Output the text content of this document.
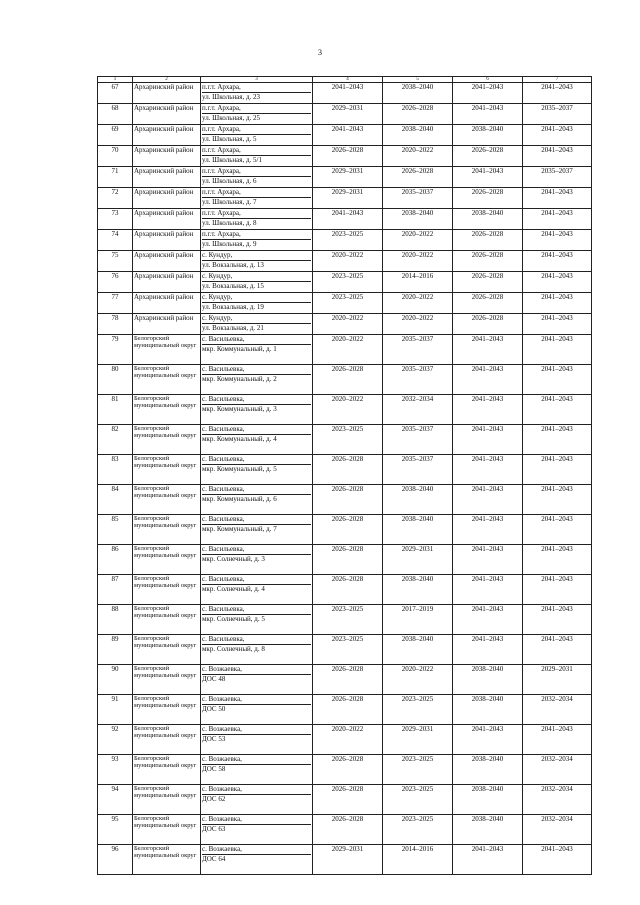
3
1	2	3	4	5	6	7
67	Архаринский район	п.г.т. Архара,
ул. Школьная, д. 23	2041–2043	2038–2040	2041–2043	2041–2043
68	Архаринский район	п.г.т. Архара,
ул. Школьная, д. 25	2029–2031	2026–2028	2041–2043	2035–2037
69	Архаринский район	п.г.т. Архара,
ул. Школьная, д. 5	2041–2043	2038–2040	2038–2040	2041–2043
70	Архаринский район	п.г.т. Архара,
ул. Школьная, д. 5/1	2026–2028	2020–2022	2026–2028	2041–2043
71	Архаринский район	п.г.т. Архара,
ул. Школьная, д. 6	2029–2031	2026–2028	2041–2043	2035–2037
72	Архаринский район	п.г.т. Архара,
ул. Школьная, д. 7	2029–2031	2035–2037	2026–2028	2041–2043
73	Архаринский район	п.г.т. Архара,
ул. Школьная, д. 8	2041–2043	2038–2040	2038–2040	2041–2043
74	Архаринский район	п.г.т. Архара,
ул. Школьная, д. 9	2023–2025	2020–2022	2026–2028	2041–2043
75	Архаринский район	с. Кундур,
ул. Вокзальная, д. 13	2020–2022	2020–2022	2026–2028	2041–2043
76	Архаринский район	с. Кундур,
ул. Вокзальная, д. 15	2023–2025	2014–2016	2026–2028	2041–2043
77	Архаринский район	с. Кундур,
ул. Вокзальная, д. 19	2023–2025	2020–2022	2026–2028	2041–2043
78	Архаринский район	с. Кундур,
ул. Вокзальная, д. 21	2020–2022	2020–2022	2026–2028	2041–2043
79	Белогорский муниципальный округ	с. Васильевка,
мкр. Коммунальный, д. 1	2020–2022	2035–2037	2041–2043	2041–2043
80	Белогорский муниципальный округ	с. Васильевка,
мкр. Коммунальный, д. 2	2026–2028	2035–2037	2041–2043	2041–2043
81	Белогорский муниципальный округ	с. Васильевка,
мкр. Коммунальный, д. 3	2020–2022	2032–2034	2041–2043	2041–2043
82	Белогорский муниципальный округ	с. Васильевка,
мкр. Коммунальный, д. 4	2023–2025	2035–2037	2041–2043	2041–2043
83	Белогорский муниципальный округ	с. Васильевка,
мкр. Коммунальный, д. 5	2026–2028	2035–2037	2041–2043	2041–2043
84	Белогорский муниципальный округ	с. Васильевка,
мкр. Коммунальный, д. 6	2026–2028	2038–2040	2041–2043	2041–2043
85	Белогорский муниципальный округ	с. Васильевка,
мкр. Коммунальный, д. 7	2026–2028	2038–2040	2041–2043	2041–2043
86	Белогорский муниципальный округ	с. Васильевка,
мкр. Солнечный, д. 3	2026–2028	2029–2031	2041–2043	2041–2043
87	Белогорский муниципальный округ	с. Васильевка,
мкр. Солнечный, д. 4	2026–2028	2038–2040	2041–2043	2041–2043
88	Белогорский муниципальный округ	с. Васильевка,
мкр. Солнечный, д. 5	2023–2025	2017–2019	2041–2043	2041–2043
89	Белогорский муниципальный округ	с. Васильевка,
мкр. Солнечный, д. 8	2023–2025	2038–2040	2041–2043	2041–2043
90	Белогорский муниципальный округ	с. Возжаевка,
ДОС 48	2026–2028	2020–2022	2038–2040	2029–2031
91	Белогорский муниципальный округ	с. Возжаевка,
ДОС 50	2026–2028	2023–2025	2038–2040	2032–2034
92	Белогорский муниципальный округ	с. Возжаевка,
ДОС 53	2020–2022	2029–2031	2041–2043	2041–2043
93	Белогорский муниципальный округ	с. Возжаевка,
ДОС 58	2026–2028	2023–2025	2038–2040	2032–2034
94	Белогорский муниципальный округ	с. Возжаевка,
ДОС 62	2026–2028	2023–2025	2038–2040	2032–2034
95	Белогорский муниципальный округ	с. Возжаевка,
ДОС 63	2026–2028	2023–2025	2038–2040	2032–2034
96	Белогорский муниципальный округ	с. Возжаевка,
ДОС 64	2029–2031	2014–2016	2041–2043	2041–2043
